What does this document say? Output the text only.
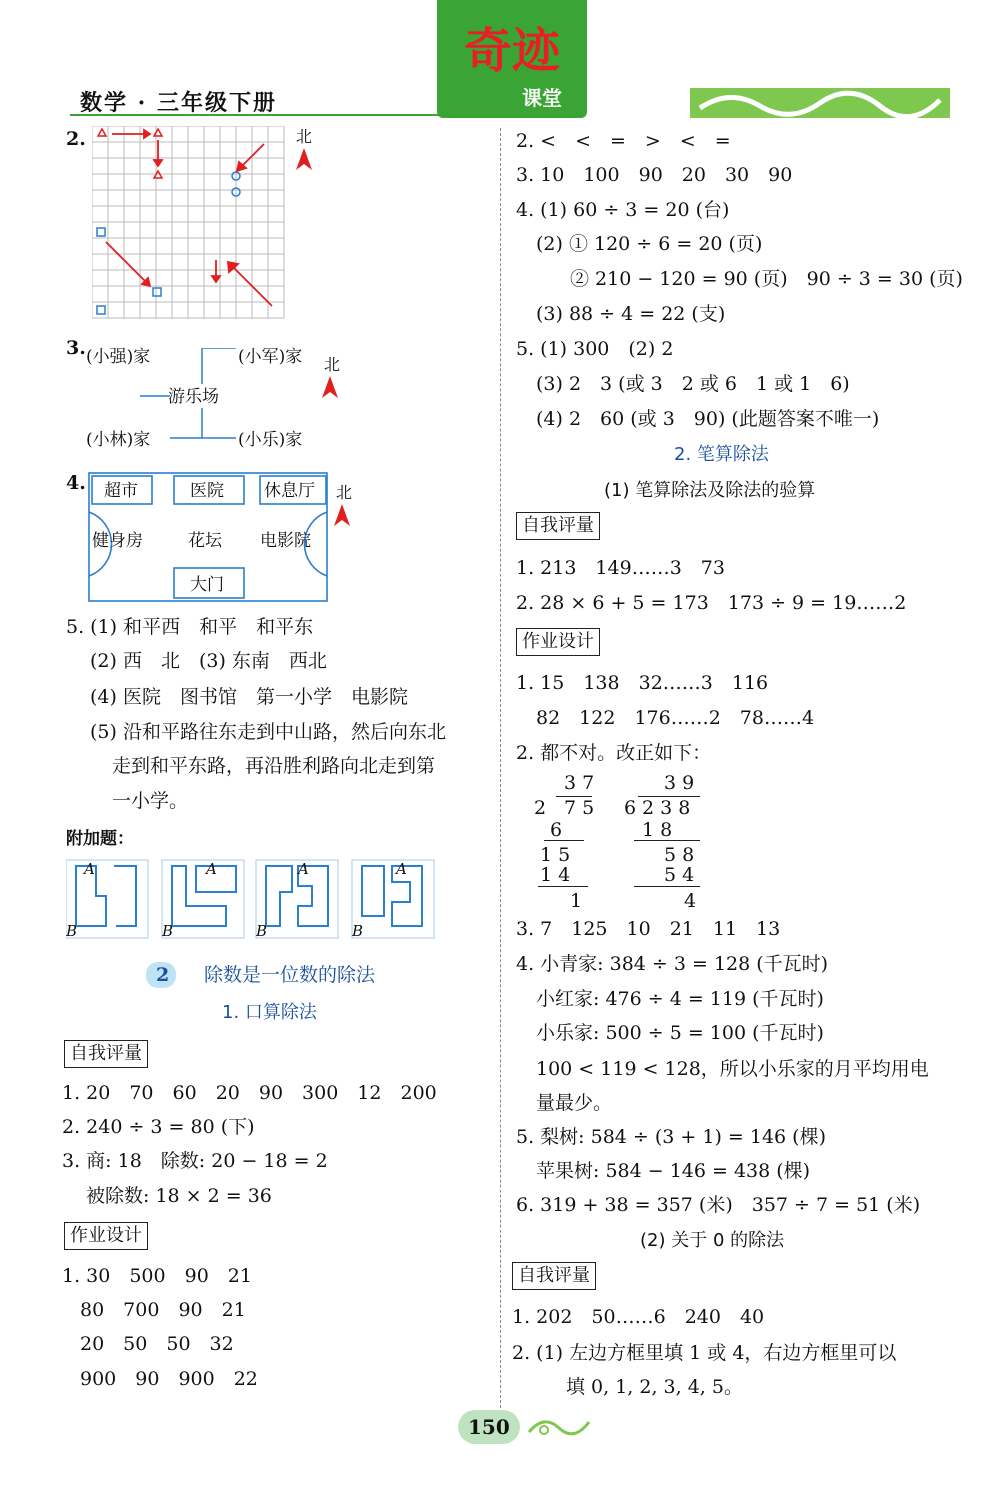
数学 · 三年级下册
奇迹
课堂
2.	北
3. (小强)家	(小军)家
游乐场
(小林)家	(小乐)家
北
4. 超市	医院 休息厅
健身房	花坛 电影院
大门
北
5. (1) 和平西　和平　和平东
(2) 西　北　(3) 东南　西北
(4) 医院　图书馆　第一小学　电影院
(5) 沿和平路往东走到中山路，然后向东北
走到和平东路，再沿胜利路向北走到第
一小学。
附加题：
A
B
A
B
A
B
A
B
2 除数是一位数的除法
1. 口算除法
自我评量
1. 20　70　60　20　90　300　12　200
2. 240 ÷ 3 = 80 (下)
3. 商: 18　除数: 20 − 18 = 2
被除数: 18 × 2 = 36
作业设计
1. 30　500　90　21
80　700　90　21
20　50　50　32
900　90　900　22
2. <　<　=　>　<　=
3. 10　100　90　20　30　90
4. (1) 60 ÷ 3 = 20 (台)
(2) ① 120 ÷ 6 = 20 (页)
② 210 − 120 = 90 (页)　90 ÷ 3 = 30 (页)
(3) 88 ÷ 4 = 22 (支)
5. (1) 300　(2) 2
(3) 2　3 (或 3　2 或 6　1 或 1　6)
(4) 2　60 (或 3　90) (此题答案不唯一)
2. 笔算除法
(1) 笔算除法及除法的验算
自我评量
1. 213　149……3　73
2. 28 × 6 + 5 = 173　173 ÷ 9 = 19……2
作业设计
1. 15　138　32……3　116
82　122　176……2　78……4
2. 都不对。改正如下：
3 7
2 7 5
6
1 5
1 4
1
3 9
6 2 3 8
1 8
5 8
5 4
4
3. 7　125　10　21　11　13
4. 小青家: 384 ÷ 3 = 128 (千瓦时)
小红家: 476 ÷ 4 = 119 (千瓦时)
小乐家: 500 ÷ 5 = 100 (千瓦时)
100 < 119 < 128，所以小乐家的月平均用电
量最少。
5. 梨树: 584 ÷ (3 + 1) = 146 (棵)
苹果树: 584 − 146 = 438 (棵)
6. 319 + 38 = 357 (米)　357 ÷ 7 = 51 (米)
(2) 关于 0 的除法
自我评量
1. 202　50……6　240　40
2. (1) 左边方框里填 1 或 4，右边方框里可以
填 0, 1, 2, 3, 4, 5。
150
